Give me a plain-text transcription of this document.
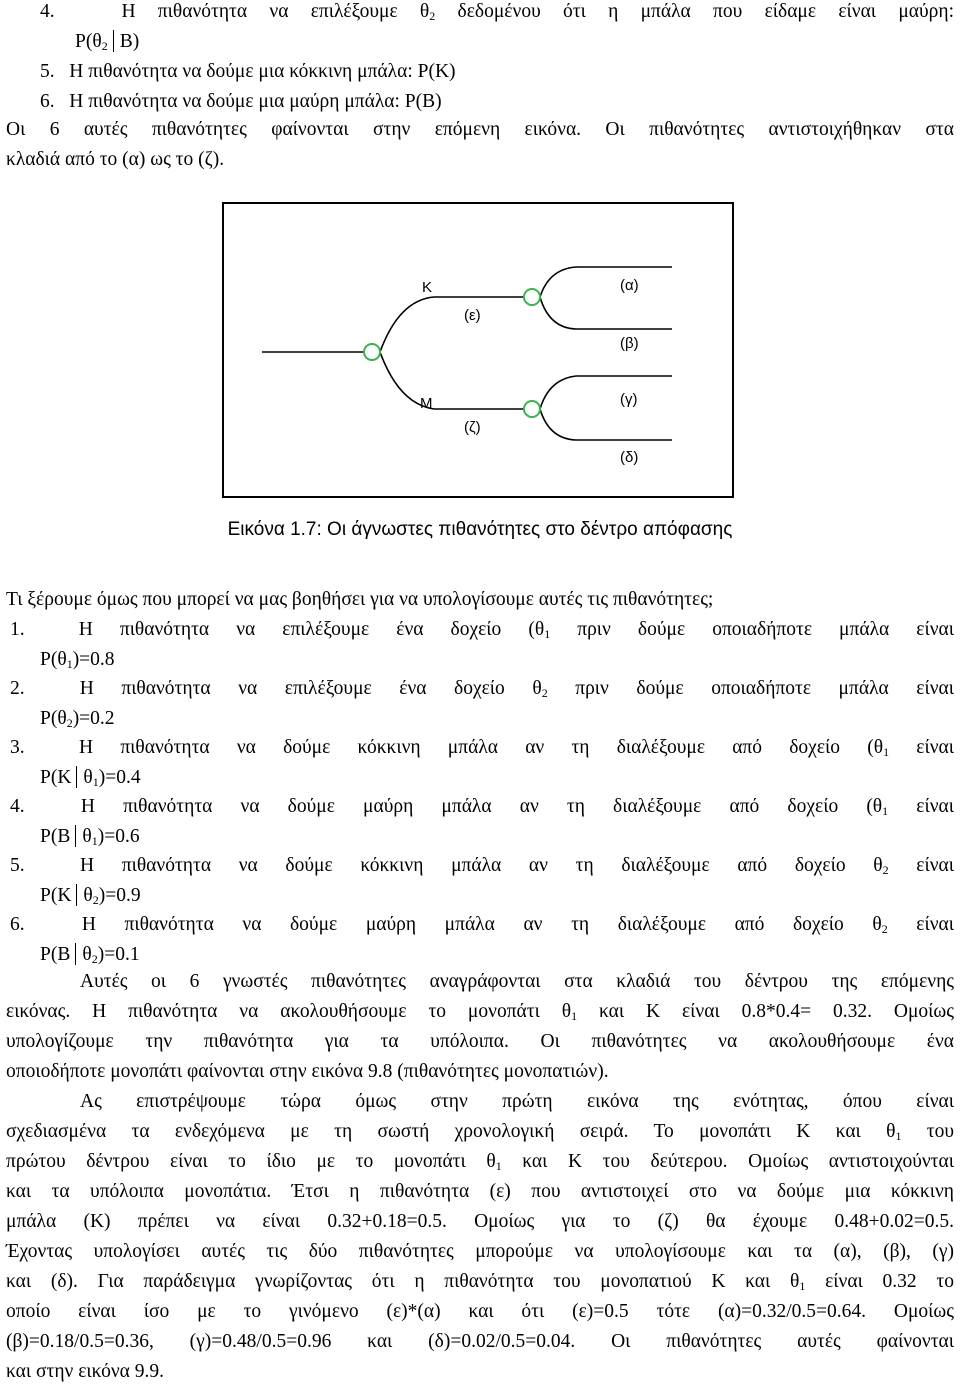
4.	Η πιθανότητα να επιλέξουμε $\theta_2$ δεδομένου ότι η μπάλα που είδαμε είναι μαύρη:
$P(\theta_2$ Β)
5. Η πιθανότητα να δούμε μια κόκκινη μπάλα: P(K)
6. Η πιθανότητα να δούμε μια μαύρη μπάλα: P(B)
Οι 6 αυτές πιθανότητες φαίνονται στην επόμενη εικόνα. Οι πιθανότητες αντιστοιχήθηκαν στα
κλαδιά από το (α) ως το (ζ).
K
(ε)
M
(ζ)
(α)
(β)
(γ)
(δ)
Εικόνα 1.7: Οι άγνωστες πιθανότητες στο δέντρο απόφασης
Τι ξέρουμε όμως που μπορεί να μας βοηθήσει για να υπολογίσουμε αυτές τις πιθανότητες;
1.	Η πιθανότητα να επιλέξουμε ένα δοχείο ($\theta_1$ πριν δούμε οποιαδήποτε μπάλα είναι
$P(\theta_1)=0.8$
2.	Η πιθανότητα να επιλέξουμε ένα δοχείο $\theta_2$ πριν δούμε οποιαδήποτε μπάλα είναι
$P(\theta_2)=0.2$
3.	Η πιθανότητα να δούμε κόκκινη μπάλα αν τη διαλέξουμε από δοχείο ($\theta_1$ είναι
P(K $\theta_1)=0.4$
4.	Η πιθανότητα να δούμε μαύρη μπάλα αν τη διαλέξουμε από δοχείο ($\theta_1$ είναι
P(B $\theta_1)=0.6$
5.	Η πιθανότητα να δούμε κόκκινη μπάλα αν τη διαλέξουμε από δοχείο $\theta_2$ είναι
P(K $\theta_2)=0.9$
6.	Η πιθανότητα να δούμε μαύρη μπάλα αν τη διαλέξουμε από δοχείο $\theta_2$ είναι
P(B $\theta_2)=0.1$
Αυτές οι 6 γνωστές πιθανότητες αναγράφονται στα κλαδιά του δέντρου της επόμενης
εικόνας. Η πιθανότητα να ακολουθήσουμε το μονοπάτι $\theta_1$ και K είναι 0.8*0.4= 0.32. Ομοίως
υπολογίζουμε την πιθανότητα για τα υπόλοιπα. Οι πιθανότητες να ακολουθήσουμε ένα
οποιοδήποτε μονοπάτι φαίνονται στην εικόνα 9.8 (πιθανότητες μονοπατιών).
Ας επιστρέψουμε τώρα όμως στην πρώτη εικόνα της ενότητας, όπου είναι
σχεδιασμένα τα ενδεχόμενα με τη σωστή χρονολογική σειρά. Το μονοπάτι K και $\theta_1$ του
πρώτου δέντρου είναι το ίδιο με το μονοπάτι $\theta_1$ και K του δεύτερου. Ομοίως αντιστοιχούνται
και τα υπόλοιπα μονοπάτια. Έτσι η πιθανότητα (ε) που αντιστοιχεί στο να δούμε μια κόκκινη
μπάλα (K) πρέπει να είναι 0.32+0.18=0.5. Ομοίως για το (ζ) θα έχουμε 0.48+0.02=0.5.
Έχοντας υπολογίσει αυτές τις δύο πιθανότητες μπορούμε να υπολογίσουμε και τα (α), (β), (γ)
και (δ). Για παράδειγμα γνωρίζοντας ότι η πιθανότητα του μονοπατιού K και $\theta_1$ είναι 0.32 το
οποίο είναι ίσο με το γινόμενο (ε)*(α) και ότι (ε)=0.5 τότε (α)=0.32/0.5=0.64. Ομοίως
(β)=0.18/0.5=0.36, (γ)=0.48/0.5=0.96 και (δ)=0.02/0.5=0.04. Οι πιθανότητες αυτές φαίνονται
και στην εικόνα 9.9.
